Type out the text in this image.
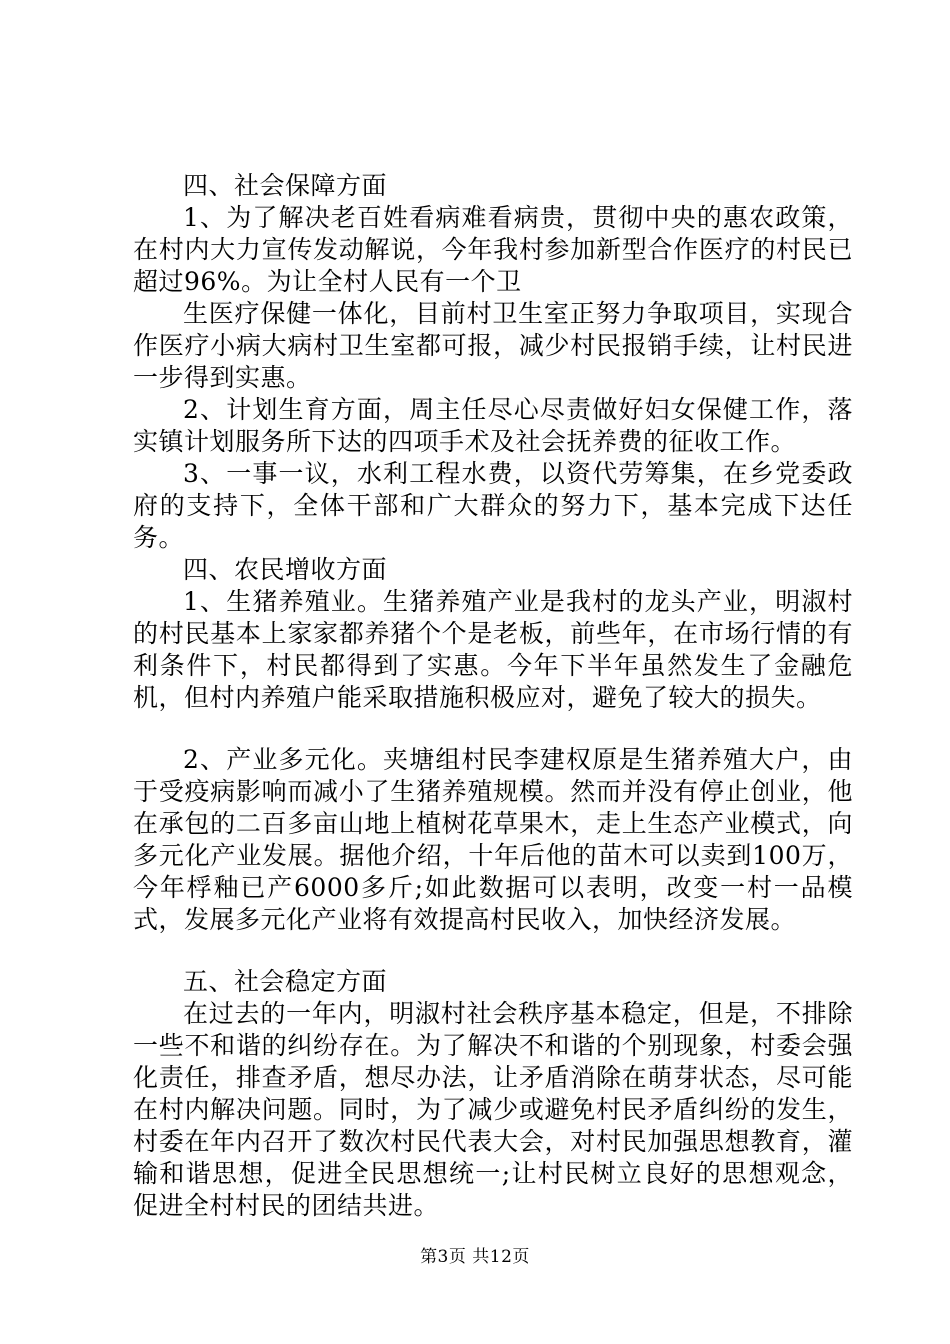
四、社会保障方面

1、为了解决老百姓看病难看病贵，贯彻中央的惠农政策，在村内大力宣传发动解说，今年我村参加新型合作医疗的村民已超过96%。为让全村人民有一个卫

生医疗保健一体化，目前村卫生室正努力争取项目，实现合作医疗小病大病村卫生室都可报，减少村民报销手续，让村民进一步得到实惠。

2、计划生育方面，周主任尽心尽责做好妇女保健工作，落实镇计划服务所下达的四项手术及社会抚养费的征收工作。

3、一事一议，水利工程水费，以资代劳筹集，在乡党委政府的支持下，全体干部和广大群众的努力下，基本完成下达任务。

四、农民增收方面

1、生猪养殖业。生猪养殖产业是我村的龙头产业，明淑村的村民基本上家家都养猪个个是老板，前些年，在市场行情的有利条件下，村民都得到了实惠。今年下半年虽然发生了金融危机，但村内养殖户能采取措施积极应对，避免了较大的损失。

2、产业多元化。夹塘组村民李建权原是生猪养殖大户，由于受疫病影响而减小了生猪养殖规模。然而并没有停止创业，他在承包的二百多亩山地上植树花草果木，走上生态产业模式，向多元化产业发展。据他介绍，十年后他的苗木可以卖到100万，今年桴釉已产6000多斤;如此数据可以表明，改变一村一品模式，发展多元化产业将有效提高村民收入，加快经济发展。

五、社会稳定方面

在过去的一年内，明淑村社会秩序基本稳定，但是，不排除一些不和谐的纠纷存在。为了解决不和谐的个别现象，村委会强化责任，排查矛盾，想尽办法，让矛盾消除在萌芽状态，尽可能在村内解决问题。同时，为了减少或避免村民矛盾纠纷的发生，村委在年内召开了数次村民代表大会，对村民加强思想教育，灌输和谐思想，促进全民思想统一;让村民树立良好的思想观念，促进全村村民的团结共进。

第3页 共12页
